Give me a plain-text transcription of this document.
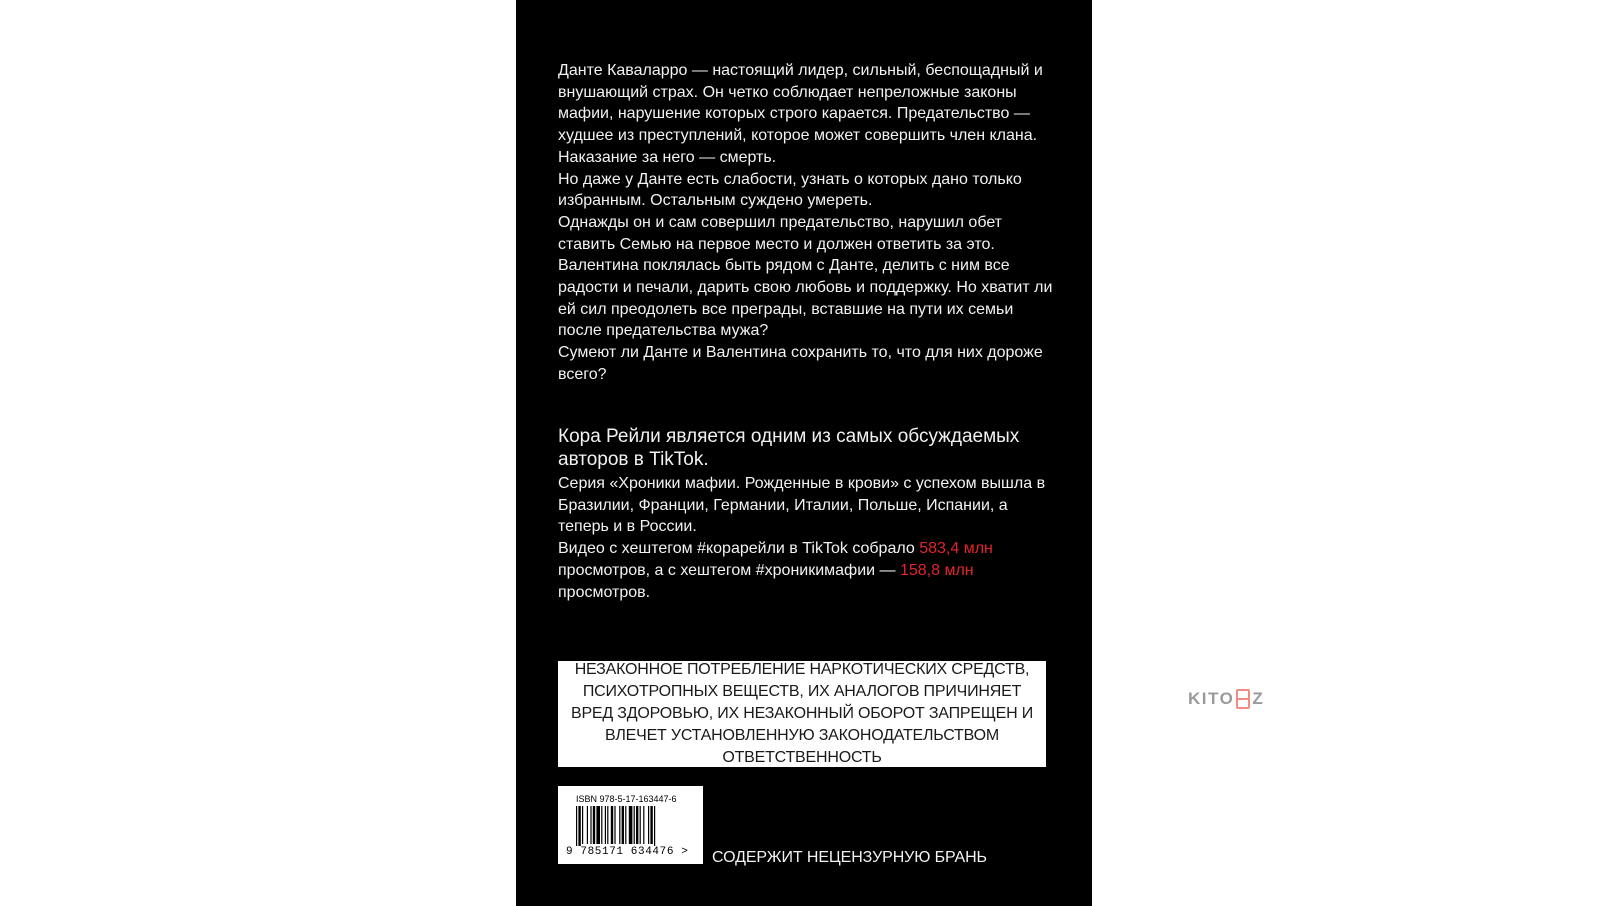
Данте Каваларро — настоящий лидер, сильный, беспощадный и внушающий страх. Он четко соблюдает непреложные законы мафии, нарушение которых строго карается. Предательство — худшее из преступлений, которое может совершить член клана. Наказание за него — смерть.

Но даже у Данте есть слабости, узнать о которых дано только избранным. Остальным суждено умереть.

Однажды он и сам совершил предательство, нарушил обет ставить Семью на первое место и должен ответить за это.

Валентина поклялась быть рядом с Данте, делить с ним все радости и печали, дарить свою любовь и поддержку. Но хватит ли ей сил преодолеть все преграды, вставшие на пути их семьи после предательства мужа?

Сумеют ли Данте и Валентина сохранить то, что для них дороже всего?

Кора Рейли является одним из самых обсуждаемых авторов в TikTok.

Серия «Хроники мафии. Рожденные в крови» с успехом вышла в Бразилии, Франции, Германии, Италии, Польше, Испании, а теперь и в России.

Видео с хештегом #корарейли в TikTok собрало 583,4 млн просмотров, а с хештегом #хроникимафии — 158,8 млн просмотров.

НЕЗАКОННОЕ ПОТРЕБЛЕНИЕ НАРКОТИЧЕСКИХ СРЕДСТВ, ПСИХОТРОПНЫХ ВЕЩЕСТВ, ИХ АНАЛОГОВ ПРИЧИНЯЕТ ВРЕД ЗДОРОВЬЮ, ИХ НЕЗАКОННЫЙ ОБОРОТ ЗАПРЕЩЕН И ВЛЕЧЕТ УСТАНОВЛЕННУЮ ЗАКОНОДАТЕЛЬСТВОМ ОТВЕТСТВЕННОСТЬ
ISBN 978-5-17-163447-6
9 785171 634476 > СОДЕРЖИТ НЕЦЕНЗУРНУЮ БРАНЬ
KITO Z
